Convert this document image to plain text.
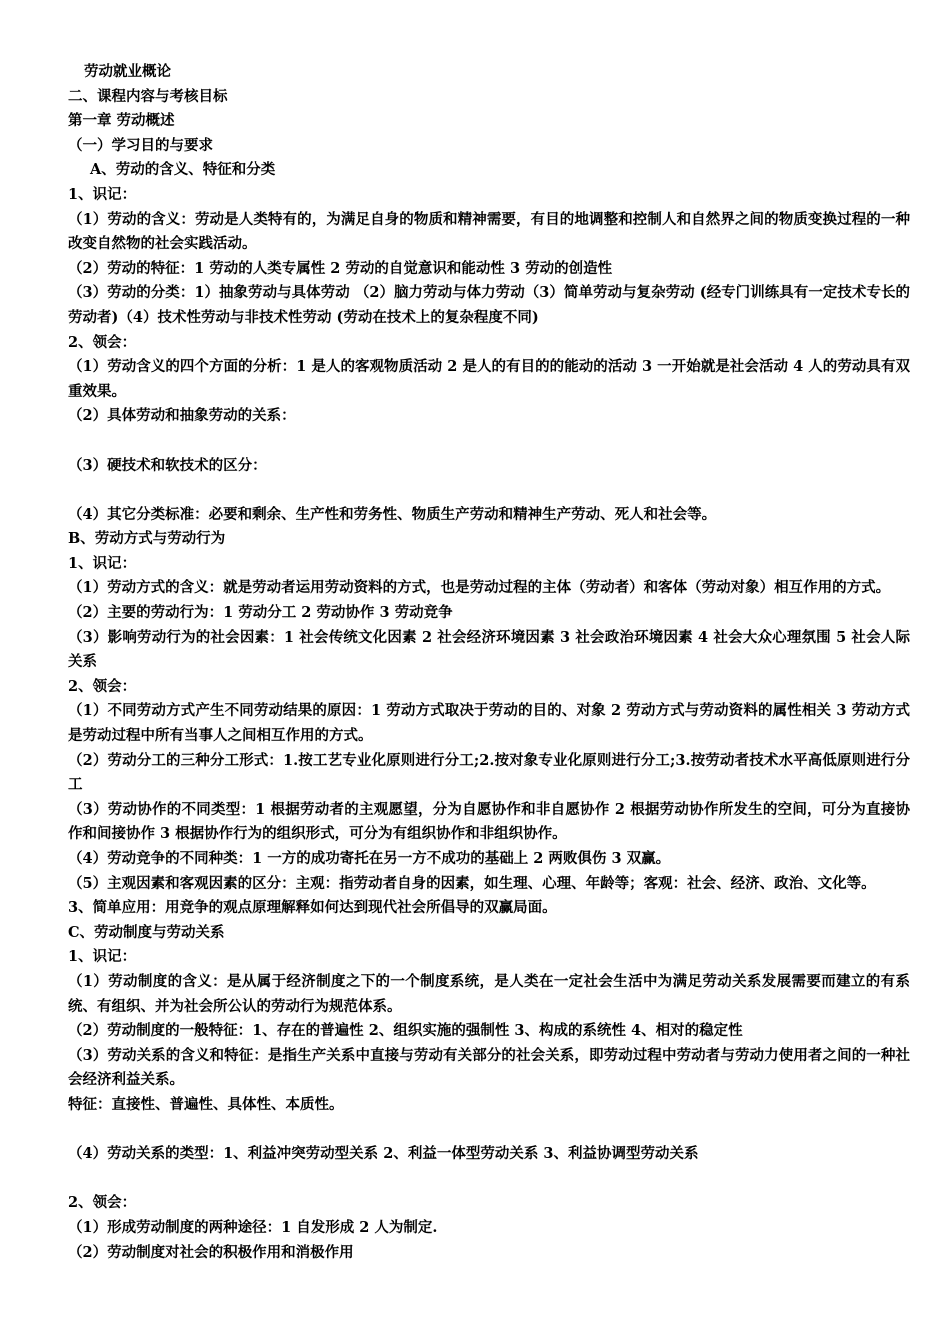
劳动就业概论
二、课程内容与考核目标
第一章 劳动概述
（一）学习目的与要求
A、劳动的含义、特征和分类
1、识记：
（1）劳动的含义：劳动是人类特有的，为满足自身的物质和精神需要，有目的地调整和控制人和自然界之间的物质变换过程的一种改变自然物的社会实践活动。
（2）劳动的特征：1 劳动的人类专属性 2 劳动的自觉意识和能动性 3 劳动的创造性
（3）劳动的分类：1）抽象劳动与具体劳动 （2）脑力劳动与体力劳动（3）简单劳动与复杂劳动 (经专门训练具有一定技术专长的劳动者)（4）技术性劳动与非技术性劳动 (劳动在技术上的复杂程度不同)
2、领会：
（1）劳动含义的四个方面的分析：1 是人的客观物质活动 2 是人的有目的的能动的活动 3 一开始就是社会活动 4 人的劳动具有双重效果。
（2）具体劳动和抽象劳动的关系：
（3）硬技术和软技术的区分：
（4）其它分类标准：必要和剩余、生产性和劳务性、物质生产劳动和精神生产劳动、死人和社会等。
B、劳动方式与劳动行为
1、识记：
（1）劳动方式的含义：就是劳动者运用劳动资料的方式，也是劳动过程的主体（劳动者）和客体（劳动对象）相互作用的方式。
（2）主要的劳动行为：1 劳动分工 2 劳动协作 3 劳动竞争
（3）影响劳动行为的社会因素：1 社会传统文化因素 2 社会经济环境因素 3 社会政治环境因素 4 社会大众心理氛围 5 社会人际关系
2、领会：
（1）不同劳动方式产生不同劳动结果的原因：1 劳动方式取决于劳动的目的、对象 2 劳动方式与劳动资料的属性相关 3 劳动方式是劳动过程中所有当事人之间相互作用的方式。
（2）劳动分工的三种分工形式：1.按工艺专业化原则进行分工;2.按对象专业化原则进行分工;3.按劳动者技术水平高低原则进行分工
（3）劳动协作的不同类型：1 根据劳动者的主观愿望，分为自愿协作和非自愿协作 2 根据劳动协作所发生的空间，可分为直接协作和间接协作 3 根据协作行为的组织形式，可分为有组织协作和非组织协作。
（4）劳动竞争的不同种类：1 一方的成功寄托在另一方不成功的基础上 2 两败俱伤 3 双赢。
（5）主观因素和客观因素的区分：主观：指劳动者自身的因素，如生理、心理、年龄等；客观：社会、经济、政治、文化等。
3、简单应用：用竞争的观点原理解释如何达到现代社会所倡导的双赢局面。
C、劳动制度与劳动关系
1、识记：
（1）劳动制度的含义：是从属于经济制度之下的一个制度系统，是人类在一定社会生活中为满足劳动关系发展需要而建立的有系统、有组织、并为社会所公认的劳动行为规范体系。
（2）劳动制度的一般特征：1、存在的普遍性 2、组织实施的强制性 3、构成的系统性 4、相对的稳定性
（3）劳动关系的含义和特征：是指生产关系中直接与劳动有关部分的社会关系，即劳动过程中劳动者与劳动力使用者之间的一种社会经济利益关系。
特征：直接性、普遍性、具体性、本质性。
（4）劳动关系的类型：1、利益冲突劳动型关系 2、利益一体型劳动关系 3、利益协调型劳动关系
2、领会：
（1）形成劳动制度的两种途径：1 自发形成 2 人为制定.
（2）劳动制度对社会的积极作用和消极作用
